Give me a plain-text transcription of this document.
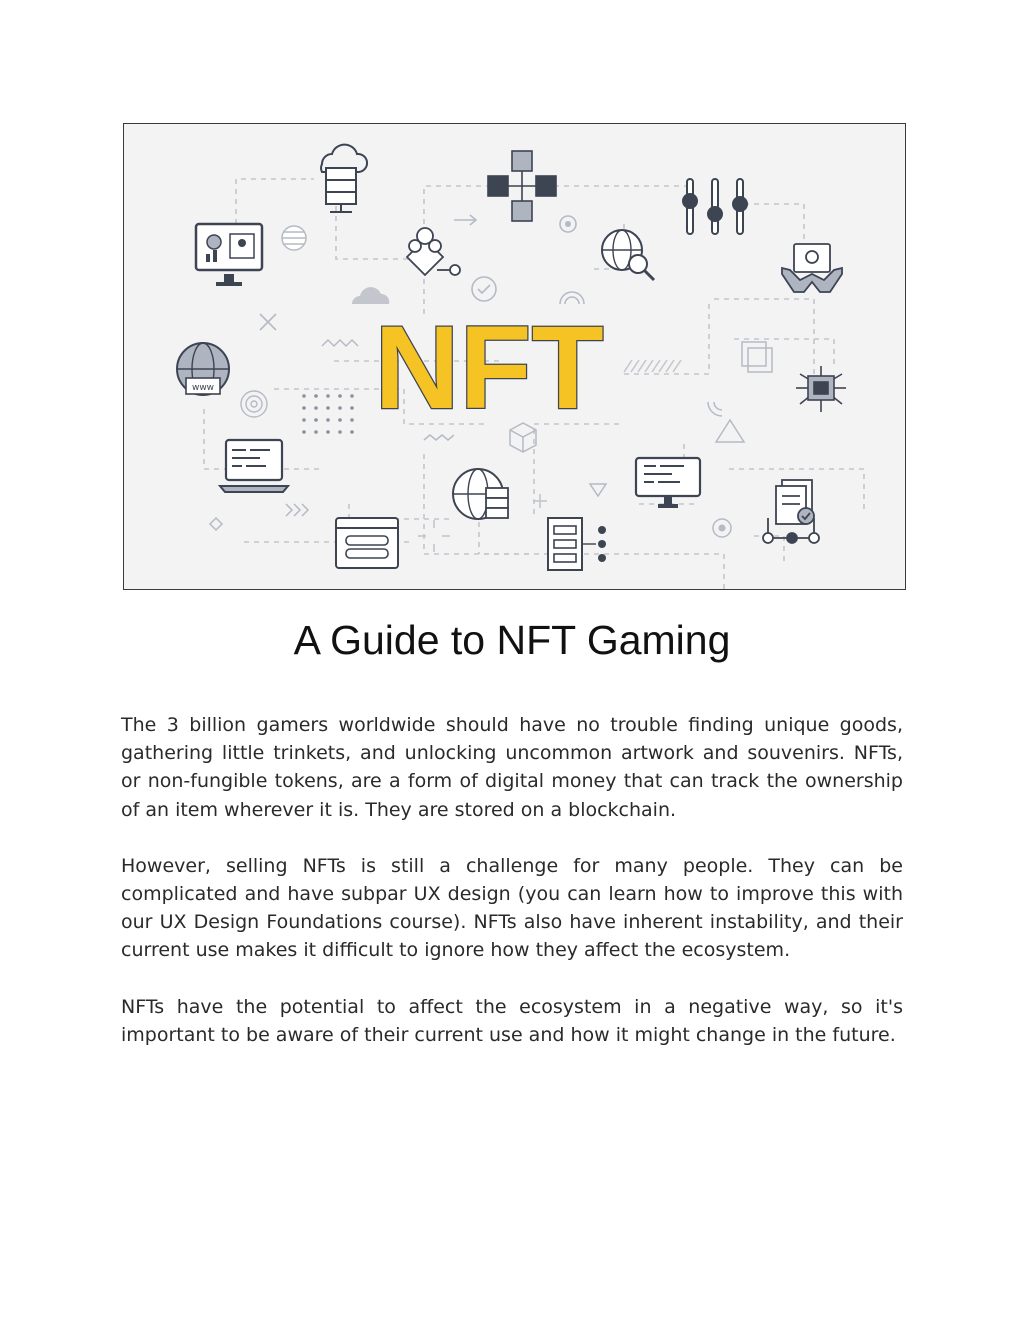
www NFT
A Guide to NFT Gaming

The 3 billion gamers worldwide should have no trouble finding unique goods, gathering little trinkets, and unlocking uncommon artwork and souvenirs. NFTs, or non-fungible tokens, are a form of digital money that can track the ownership of an item wherever it is. They are stored on a blockchain.

However, selling NFTs is still a challenge for many people. They can be complicated and have subpar UX design (you can learn how to improve this with our UX Design Foundations course). NFTs also have inherent instability, and their current use makes it difficult to ignore how they affect the ecosystem.

NFTs have the potential to affect the ecosystem in a negative way, so it's important to be aware of their current use and how it might change in the future.
